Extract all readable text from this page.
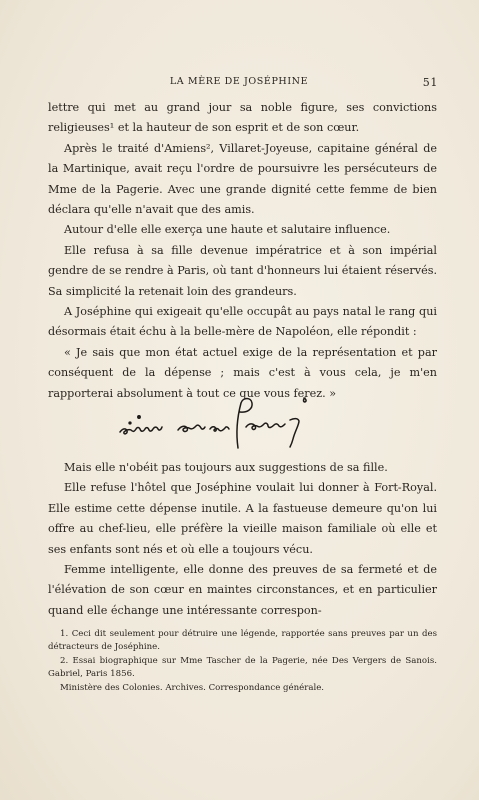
LA MÈRE DE JOSÉPHINE	51

lettre qui met au grand jour sa noble figure, ses convictions religieuses¹ et la hauteur de son esprit et de son cœur.

Après le traité d'Amiens², Villaret-Joyeuse, capitaine général de la Martinique, avait reçu l'ordre de poursuivre les persécuteurs de Mme de la Pagerie. Avec une grande dignité cette femme de bien déclara qu'elle n'avait que des amis.

Autour d'elle elle exerça une haute et salutaire influence.

Elle refusa à sa fille devenue impératrice et à son impérial gendre de se rendre à Paris, où tant d'honneurs lui étaient réservés. Sa simplicité la retenait loin des grandeurs.

A Joséphine qui exigeait qu'elle occupât au pays natal le rang qui désormais était échu à la belle-mère de Napoléon, elle répondit :

« Je sais que mon état actuel exige de la représentation et par conséquent de la dépense ; mais c'est à vous cela, je m'en rapporterai absolument à tout ce que vous ferez. »

Mais elle n'obéit pas toujours aux suggestions de sa fille.

Elle refuse l'hôtel que Joséphine voulait lui donner à Fort-Royal. Elle estime cette dépense inutile. A la fastueuse demeure qu'on lui offre au chef-lieu, elle préfère la vieille maison familiale où elle et ses enfants sont nés et où elle a toujours vécu.

Femme intelligente, elle donne des preuves de sa fermeté et de l'élévation de son cœur en maintes circonstances, et en particulier quand elle échange une intéressante correspon-

1. Ceci dit seulement pour détruire une légende, rapportée sans preuves par un des détracteurs de Joséphine.

2. Essai biographique sur Mme Tascher de la Pagerie, née Des Vergers de Sanois. Gabriel, Paris 1856.

Ministère des Colonies. Archives. Correspondance générale.
